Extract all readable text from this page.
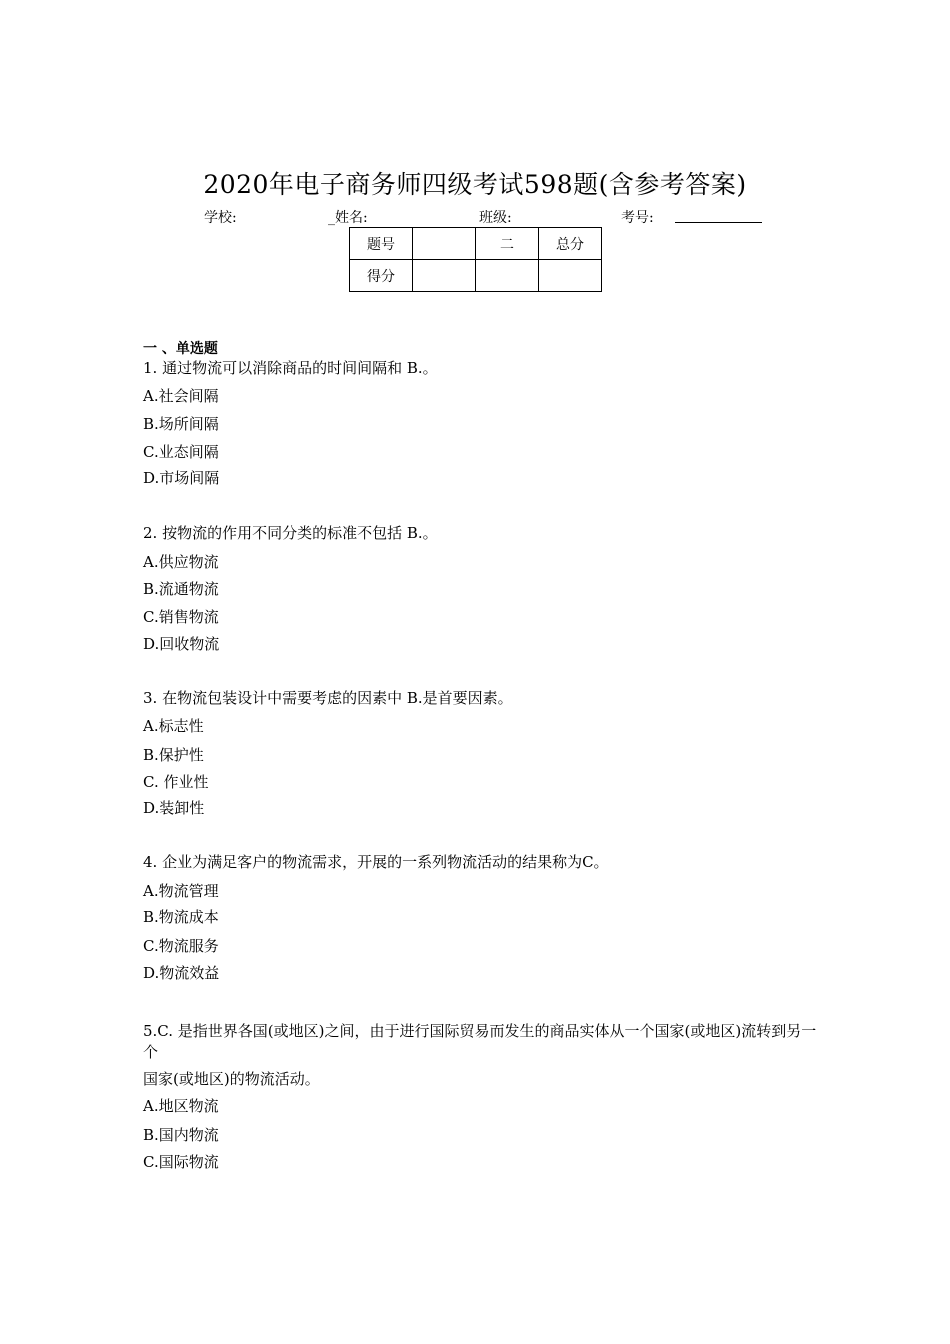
2020年电子商务师四级考试598题(含参考答案)
学校:	_姓名:	班级:	考号:
题号		二	总分
得分			
一 、单选题
1. 通过物流可以消除商品的时间间隔和 B.。
A.社会间隔
B.场所间隔
C.业态间隔
D.市场间隔
2. 按物流的作用不同分类的标准不包括 B.。
A.供应物流
B.流通物流
C.销售物流
D.回收物流
3. 在物流包装设计中需要考虑的因素中 B.是首要因素。
A.标志性
B.保护性
C. 作业性
D.装卸性
4. 企业为满足客户的物流需求，开展的一系列物流活动的结果称为C。
A.物流管理
B.物流成本
C.物流服务
D.物流效益
5.C. 是指世界各国(或地区)之间，由于进行国际贸易而发生的商品实体从一个国家(或地区)流转到另一个
国家(或地区)的物流活动。
A.地区物流
B.国内物流
C.国际物流
